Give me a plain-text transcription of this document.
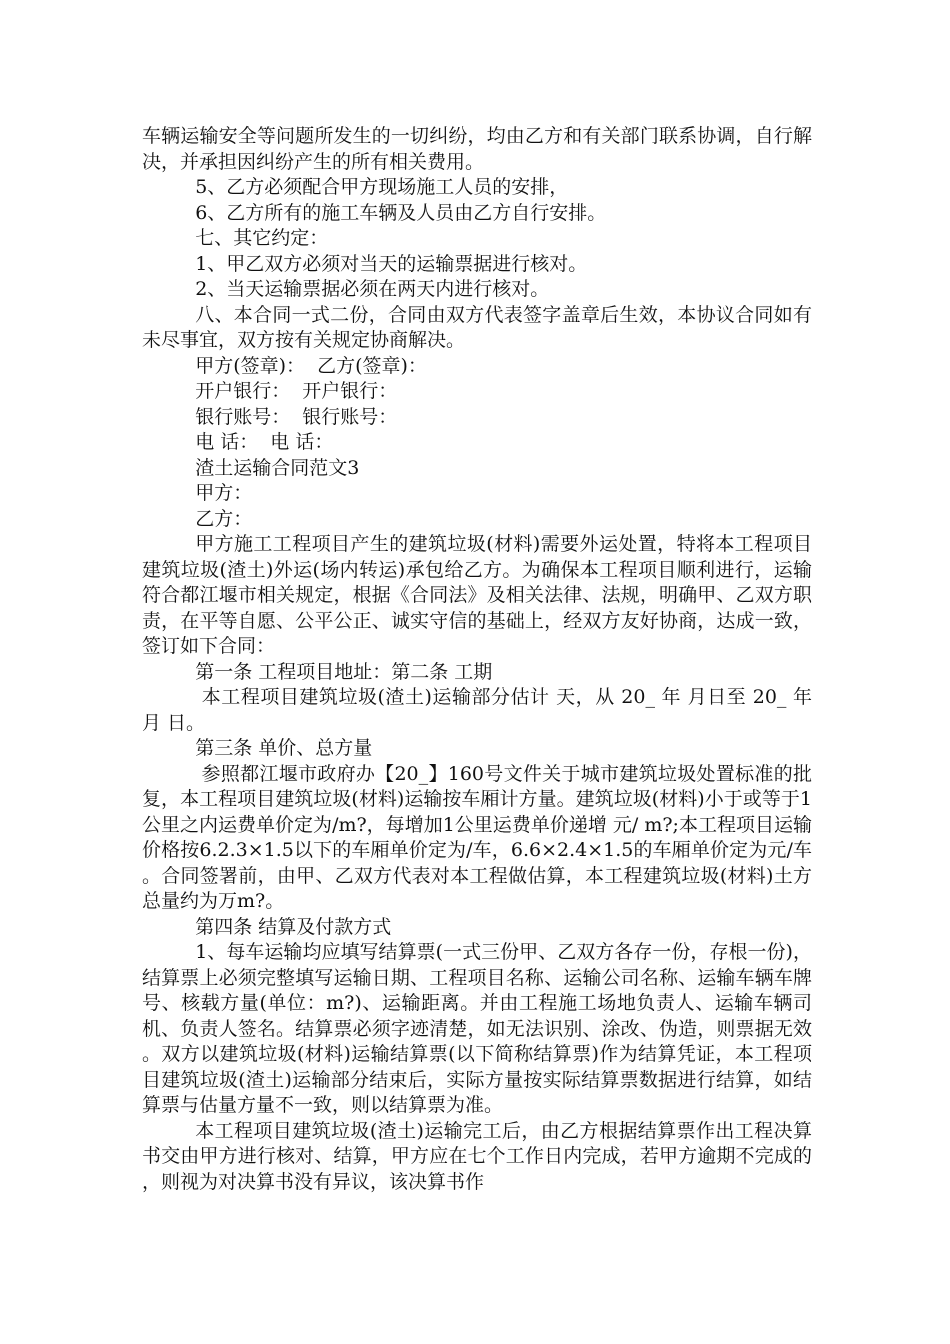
车辆运输安全等问题所发生的一切纠纷，均由乙方和有关部门联系协调，自行解决，并承担因纠纷产生的所有相关费用。

5、乙方必须配合甲方现场施工人员的安排，

6、乙方所有的施工车辆及人员由乙方自行安排。

七、其它约定：

1、甲乙双方必须对当天的运输票据进行核对。

2、当天运输票据必须在两天内进行核对。

八、本合同一式二份，合同由双方代表签字盖章后生效，本协议合同如有未尽事宜，双方按有关规定协商解决。

甲方(签章)：  乙方(签章)：

开户银行：  开户银行：

银行账号：  银行账号：

电 话：  电 话：

渣土运输合同范文3

甲方：

乙方：

甲方施工工程项目产生的建筑垃圾(材料)需要外运处置，特将本工程项目建筑垃圾(渣土)外运(场内转运)承包给乙方。为确保本工程项目顺利进行，运输符合都江堰市相关规定，根据《合同法》及相关法律、法规，明确甲、乙双方职责，在平等自愿、公平公正、诚实守信的基础上，经双方友好协商，达成一致，签订如下合同：

第一条 工程项目地址：第二条 工期

本工程项目建筑垃圾(渣土)运输部分估计 天，从 20_ 年 月日至 20_ 年 月 日。

第三条 单价、总方量

参照都江堰市政府办【20_】160号文件关于城市建筑垃圾处置标准的批复，本工程项目建筑垃圾(材料)运输按车厢计方量。建筑垃圾(材料)小于或等于1公里之内运费单价定为/m?，每增加1公里运费单价递增 元/ m?;本工程项目运输价格按6.2.3×1.5以下的车厢单价定为/车，6.6×2.4×1.5的车厢单价定为元/车。合同签署前，由甲、乙双方代表对本工程做估算，本工程建筑垃圾(材料)土方总量约为万m?。

第四条 结算及付款方式

1、每车运输均应填写结算票(一式三份甲、乙双方各存一份，存根一份)，结算票上必须完整填写运输日期、工程项目名称、运输公司名称、运输车辆车牌号、核载方量(单位：m?)、运输距离。并由工程施工场地负责人、运输车辆司机、负责人签名。结算票必须字迹清楚，如无法识别、涂改、伪造，则票据无效。双方以建筑垃圾(材料)运输结算票(以下简称结算票)作为结算凭证，本工程项目建筑垃圾(渣土)运输部分结束后，实际方量按实际结算票数据进行结算，如结算票与估量方量不一致，则以结算票为准。

本工程项目建筑垃圾(渣土)运输完工后，由乙方根据结算票作出工程决算书交由甲方进行核对、结算，甲方应在七个工作日内完成，若甲方逾期不完成的，则视为对决算书没有异议，该决算书作
